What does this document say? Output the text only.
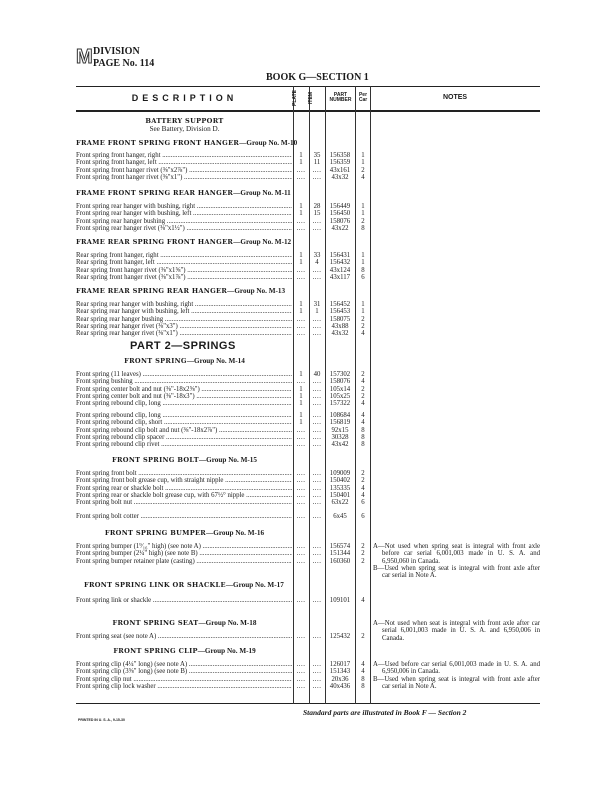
M DIVISION
PAGE No. 114
BOOK G—SECTION 1
DESCRIPTION	PLATE	ITEM	PART NUMBER
Per Car	NOTES
BATTERY SUPPORT
See Battery, Division D.
FRAME FRONT SPRING FRONT HANGER—Group No. M-10
Front spring front hanger, right .....	1	35	156358	1
Front spring front hanger, left .....	1	11	156359	1
Front spring front hanger rivet (⅜"x2⅞") .....	....	....	43x161	2
Front spring front hanger rivet (⅜"x1") .....	....	....	43x32	4
FRAME FRONT SPRING REAR HANGER—Group No. M-11
Front spring rear hanger with bushing, right .....	1	28	156449	1
Front spring rear hanger with bushing, left .....	1	15	156450	1
Front spring rear hanger bushing .....	....	....	158076	2
Front spring rear hanger rivet (⅜"x1½") .....	....	....	43x22	8
FRAME REAR SPRING FRONT HANGER—Group No. M-12
Rear spring front hanger, right .....	1	33	156431	1
Rear spring front hanger, left .....	1	4	156432	1
Rear spring front hanger rivet (⅜"x1⅝") .....	....	....	43x124	8
Rear spring front hanger rivet (⅜"x1⅞") .....	....	....	43x117	6
FRAME REAR SPRING REAR HANGER—Group No. M-13
Rear spring rear hanger with bushing, right .....	1	31	156452	1
Rear spring rear hanger with bushing, left .....	1	1	156453	1
Rear spring rear hanger bushing .....	....	....	158075	2
Rear spring rear hanger rivet (⅜"x3") .....	....	....	43x88	2
Rear spring rear hanger rivet (⅜"x1") .....	....	....	43x32	4
PART 2—SPRINGS
FRONT SPRING—Group No. M-14
Front spring (11 leaves) .....	1	40	157302	2
Front spring bushing .....	....	....	158076	4
Front spring center bolt and nut (⅜"-18x2⅝") .....	1	....	105x14	2
Front spring center bolt and nut (⅜"-18x3") .....	1	....	105x25	2
Front spring rebound clip, long .....	1	....	157322	4
Front spring rebound clip, long .....	1	....	108684	4
Front spring rebound clip, short .....	1	....	156819	4
Front spring rebound clip bolt and nut (⅜"-18x2⅞") .....	....	....	92x15	8
Front spring rebound clip spacer .....	....	....	30328	8
Front spring rebound clip rivet .....	....	....	43x42	8
FRONT SPRING BOLT—Group No. M-15
Front spring front bolt .....	....	....	109009	2
Front spring front bolt grease cup, with straight nipple .....	....	....	150402	2
Front spring rear or shackle bolt .....	....	....	135335	4
Front spring rear or shackle bolt grease cup, with 67½° nipple .....	....	....	150401	4
Front spring bolt nut .....	....	....	63x22	6
Front spring bolt cotter .....	....	....	6x45	6
FRONT SPRING BUMPER—Group No. M-16
Front spring bumper (1⁹⁄₁₆" high) (see note A) .....	....	....	156574	2
Front spring bumper (2¼" high) (see note B) .....	....	....	151344	2
Front spring bumper retainer plate (casting) .....	....	....	160360	2

A—Not used when spring seat is integral with front axle before car serial 6,001,003 made in U. S. A. and 6,950,060 in Canada.

B—Used when spring seat is integral with front axle after car serial in Note A.

FRONT SPRING LINK OR SHACKLE—Group No. M-17
Front spring link or shackle .....	....	....	109101	4
FRONT SPRING SEAT—Group No. M-18
Front spring seat (see note A) .....	....	....	125432	2

A—Not used when seat is integral with front axle after car serial 6,001,003 made in U. S. A. and 6,950,006 in Canada.

FRONT SPRING CLIP—Group No. M-19
Front spring clip (4¼" long) (see note A) .....	....	....	126017	4
Front spring clip (3⅝" long) (see note B) .....	....	....	151343	4
Front spring clip nut .....	....	....	20x36	8
Front spring clip lock washer .....	....	....	40x436	8

A—Used before car serial 6,001,003 made in U. S. A. and 6,950,006 in Canada.

B—Used when spring seat is integral with front axle after car serial in Note A.

Standard parts are illustrated in Book F — Section 2
PRINTED IN U. S. A., 9-15-30
